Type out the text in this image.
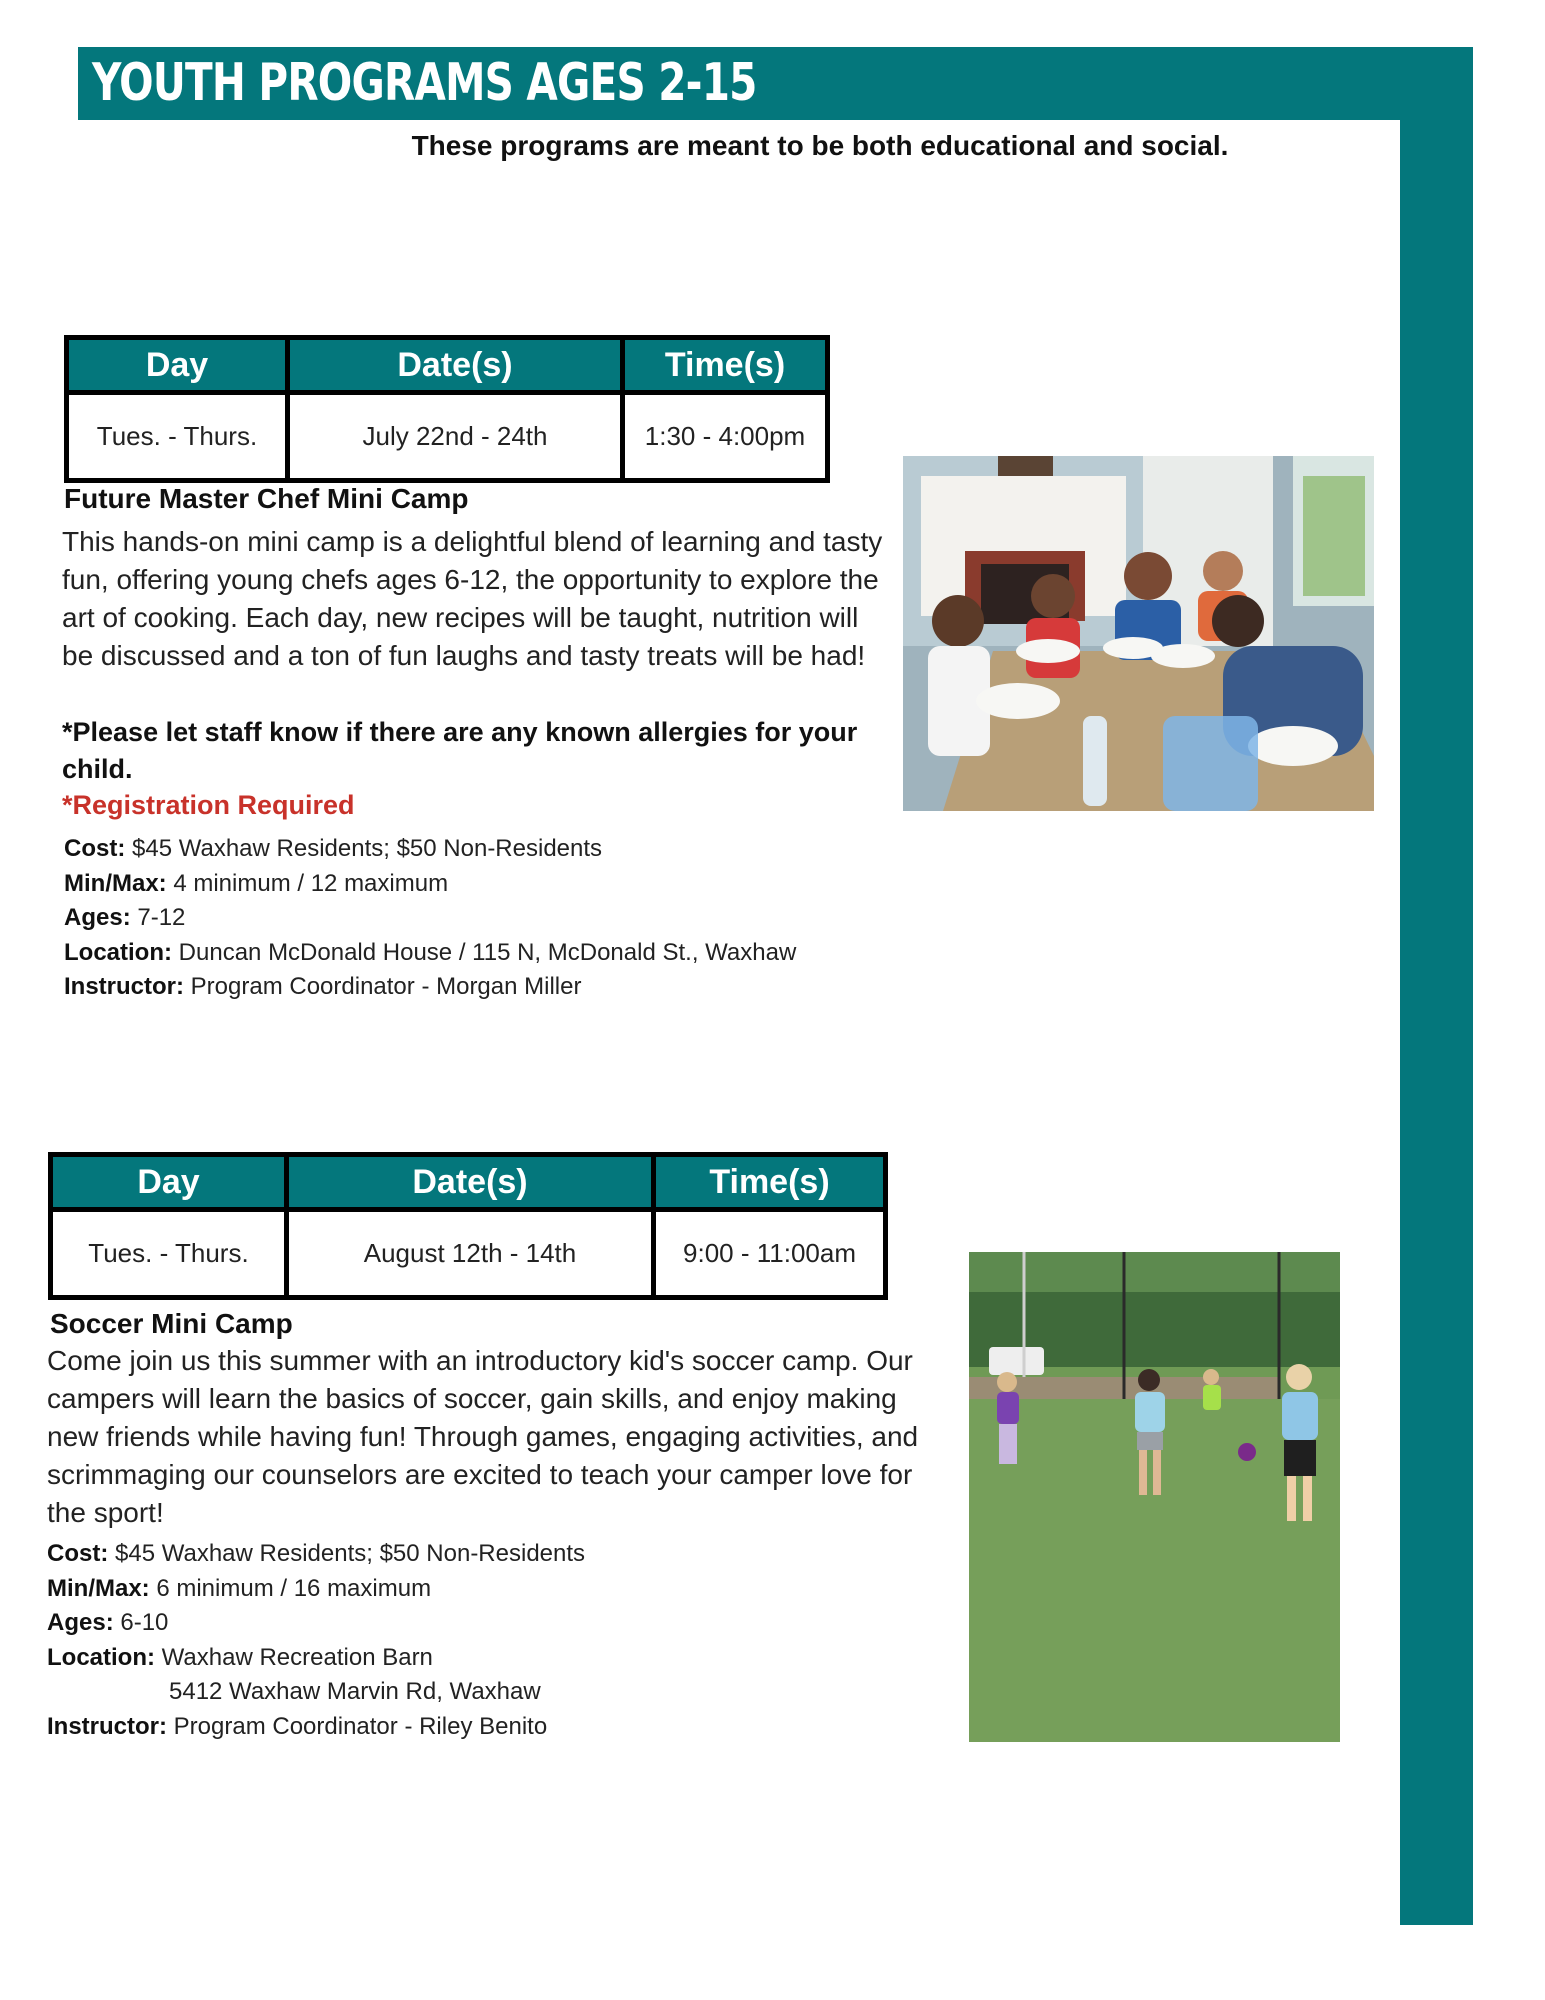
YOUTH PROGRAMS AGES 2-15
These programs are meant to be both educational and social.
Day	Date(s)	Time(s)
Tues. - Thurs.	July 22nd - 24th	1:30 - 4:00pm
Future Master Chef Mini Camp
This hands-on mini camp is a delightful blend of learning and tasty fun, offering young chefs ages 6-12, the opportunity to explore the art of cooking. Each day, new recipes will be taught, nutrition will be discussed and a ton of fun laughs and tasty treats will be had!
*Please let staff know if there are any known allergies for your child.
*Registration Required
Cost: $45 Waxhaw Residents; $50 Non-Residents
Min/Max: 4 minimum / 12 maximum
Ages: 7-12
Location: Duncan McDonald House / 115 N, McDonald St., Waxhaw
Instructor: Program Coordinator - Morgan Miller
Day	Date(s)	Time(s)
Tues. - Thurs.	August 12th - 14th	9:00 - 11:00am
Soccer Mini Camp
Come join us this summer with an introductory kid's soccer camp. Our campers will learn the basics of soccer, gain skills, and enjoy making new friends while having fun! Through games, engaging activities, and scrimmaging our counselors are excited to teach your camper love for the sport!
Cost: $45 Waxhaw Residents; $50 Non-Residents
Min/Max: 6 minimum / 16 maximum
Ages: 6-10
Location: Waxhaw Recreation Barn
5412 Waxhaw Marvin Rd, Waxhaw
Instructor: Program Coordinator - Riley Benito
